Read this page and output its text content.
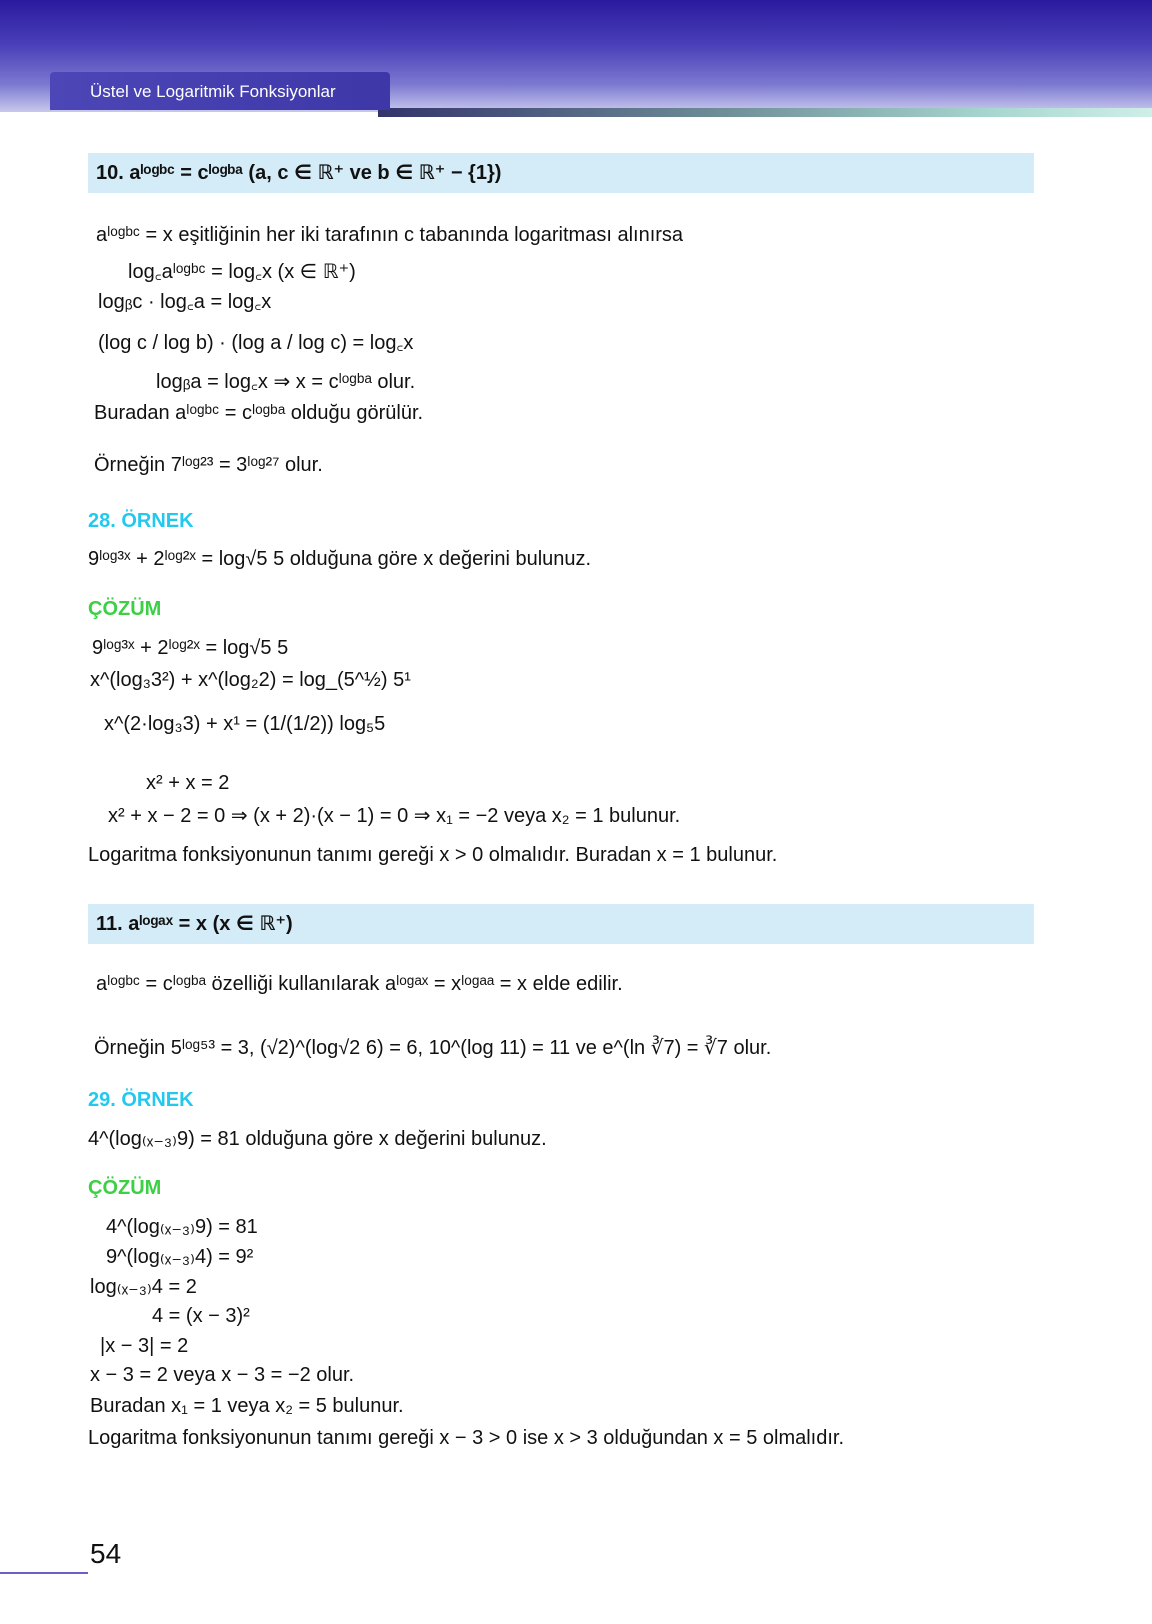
Üstel ve Logaritmik Fonksiyonlar
10. aˡᵒᵍᵇᶜ = cˡᵒᵍᵇᵃ (a, c ∈ ℝ⁺ ve b ∈ ℝ⁺ − {1})
aˡᵒᵍᵇᶜ = x eşitliğinin her iki tarafının c tabanında logaritması alınırsa
log꜀aˡᵒᵍᵇᶜ = log꜀x (x ∈ ℝ⁺)
logᵦc · log꜀a = log꜀x
(log c / log b) · (log a / log c) = log꜀x
logᵦa = log꜀x ⇒ x = cˡᵒᵍᵇᵃ olur.
Buradan aˡᵒᵍᵇᶜ = cˡᵒᵍᵇᵃ olduğu görülür.
Örneğin 7ˡᵒᵍ²³ = 3ˡᵒᵍ²⁷ olur.
28. ÖRNEK
9ˡᵒᵍ³ˣ + 2ˡᵒᵍ²ˣ = log√5 5 olduğuna göre x değerini bulunuz.
ÇÖZÜM
9ˡᵒᵍ³ˣ + 2ˡᵒᵍ²ˣ = log√5 5
x^(log₃3²) + x^(log₂2) = log_(5^½) 5¹
x^(2·log₃3) + x¹ = (1/(1/2)) log₅5
x² + x = 2
x² + x − 2 = 0 ⇒ (x + 2)·(x − 1) = 0 ⇒ x₁ = −2 veya x₂ = 1 bulunur.
Logaritma fonksiyonunun tanımı gereği x > 0 olmalıdır. Buradan x = 1 bulunur.
11. aˡᵒᵍᵃˣ = x (x ∈ ℝ⁺)
aˡᵒᵍᵇᶜ = cˡᵒᵍᵇᵃ özelliği kullanılarak aˡᵒᵍᵃˣ = xˡᵒᵍᵃᵃ = x elde edilir.
Örneğin 5ˡᵒᵍ⁵³ = 3, (√2)^(log√2 6) = 6, 10^(log 11) = 11 ve e^(ln ∛7) = ∛7 olur.
29. ÖRNEK
4^(log₍ₓ₋₃₎9) = 81 olduğuna göre x değerini bulunuz.
ÇÖZÜM
4^(log₍ₓ₋₃₎9) = 81
9^(log₍ₓ₋₃₎4) = 9²
log₍ₓ₋₃₎4 = 2
4 = (x − 3)²
|x − 3| = 2
x − 3 = 2 veya x − 3 = −2 olur.
Buradan x₁ = 1 veya x₂ = 5 bulunur.
Logaritma fonksiyonunun tanımı gereği x − 3 > 0 ise x > 3 olduğundan x = 5 olmalıdır.
54
